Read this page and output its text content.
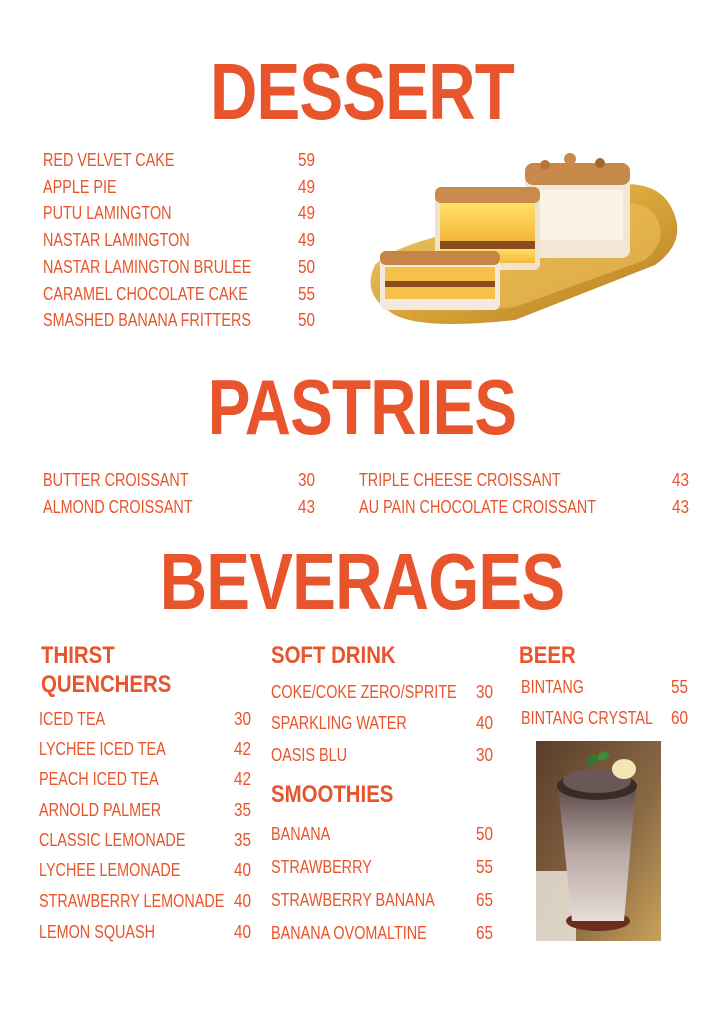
DESSERT
RED VELVET CAKE	59
APPLE PIE	49
PUTU LAMINGTON	49
NASTAR LAMINGTON	49
NASTAR LAMINGTON BRULEE	50
CARAMEL CHOCOLATE CAKE	55
SMASHED BANANA FRITTERS	50
PASTRIES
BUTTER CROISSANT	30
ALMOND CROISSANT	43
TRIPLE CHEESE CROISSANT	43
AU PAIN CHOCOLATE CROISSANT	43
BEVERAGES
THIRST
QUENCHERS
ICED TEA	30
LYCHEE ICED TEA	42
PEACH ICED TEA	42
ARNOLD PALMER	35
CLASSIC LEMONADE	35
LYCHEE LEMONADE	40
STRAWBERRY LEMONADE 40
LEMON SQUASH	40
SOFT DRINK
COKE/COKE ZERO/SPRITE 30
SPARKLING WATER	40
OASIS BLU	30
SMOOTHIES
BANANA	50
STRAWBERRY	55
STRAWBERRY BANANA 65
BANANA OVOMALTINE	65
BEER
BINTANG	55
BINTANG CRYSTAL 60
